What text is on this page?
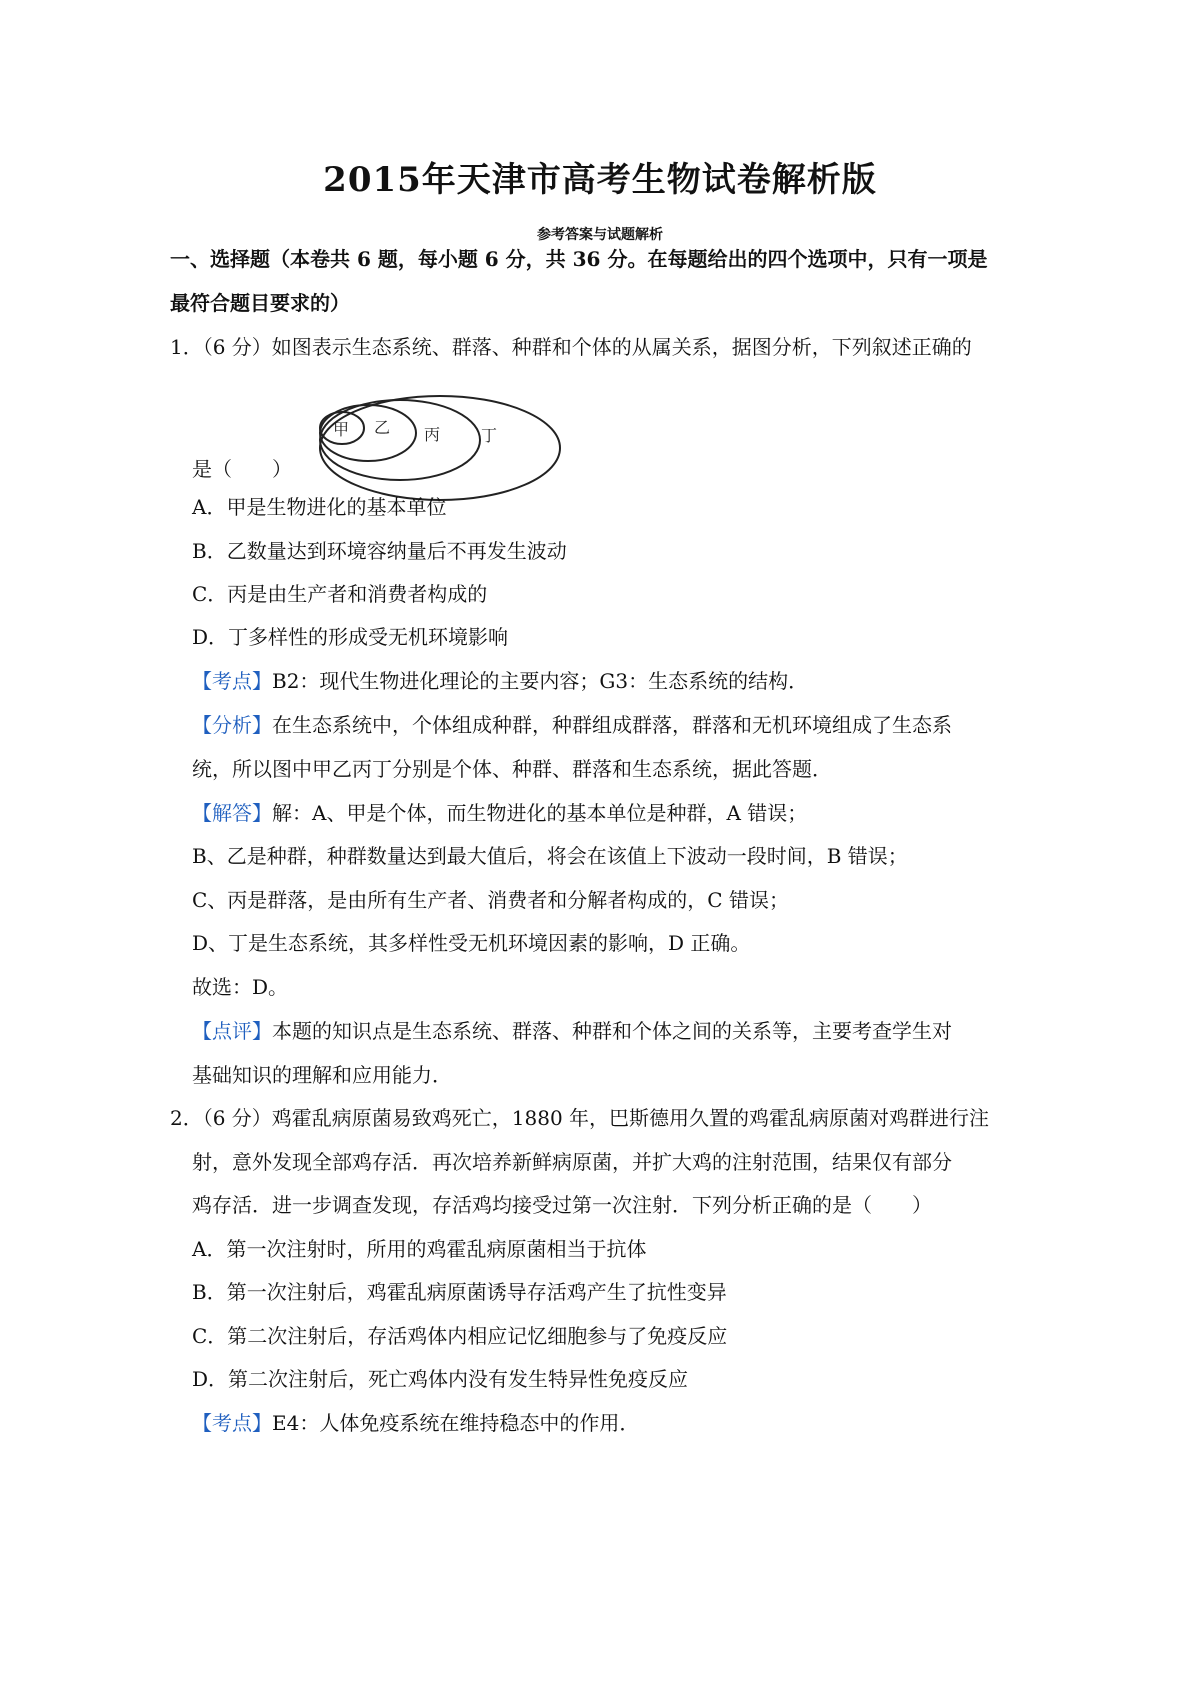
2015年天津市高考生物试卷解析版
参考答案与试题解析
一、选择题（本卷共 6 题，每小题 6 分，共 36 分。在每题给出的四个选项中，只有一项是
最符合题目要求的）
1．（6 分）如图表示生态系统、群落、种群和个体的从属关系，据图分析，下列叙述正确的
甲 乙 丙	丁
是（　　）
A．甲是生物进化的基本单位
B．乙数量达到环境容纳量后不再发生波动
C．丙是由生产者和消费者构成的
D．丁多样性的形成受无机环境影响
【考点】B2：现代生物进化理论的主要内容；G3：生态系统的结构．
【分析】在生态系统中，个体组成种群，种群组成群落，群落和无机环境组成了生态系
统，所以图中甲乙丙丁分别是个体、种群、群落和生态系统，据此答题．
【解答】解：A、甲是个体，而生物进化的基本单位是种群，A 错误；
B、乙是种群，种群数量达到最大值后，将会在该值上下波动一段时间，B 错误；
C、丙是群落，是由所有生产者、消费者和分解者构成的，C 错误；
D、丁是生态系统，其多样性受无机环境因素的影响，D 正确。
故选：D。
【点评】本题的知识点是生态系统、群落、种群和个体之间的关系等，主要考查学生对
基础知识的理解和应用能力．
2．（6 分）鸡霍乱病原菌易致鸡死亡，1880 年，巴斯德用久置的鸡霍乱病原菌对鸡群进行注
射，意外发现全部鸡存活．再次培养新鲜病原菌，并扩大鸡的注射范围，结果仅有部分
鸡存活．进一步调查发现，存活鸡均接受过第一次注射．下列分析正确的是（　　）
A．第一次注射时，所用的鸡霍乱病原菌相当于抗体
B．第一次注射后，鸡霍乱病原菌诱导存活鸡产生了抗性变异
C．第二次注射后，存活鸡体内相应记忆细胞参与了免疫反应
D．第二次注射后，死亡鸡体内没有发生特异性免疫反应
【考点】E4：人体免疫系统在维持稳态中的作用．
